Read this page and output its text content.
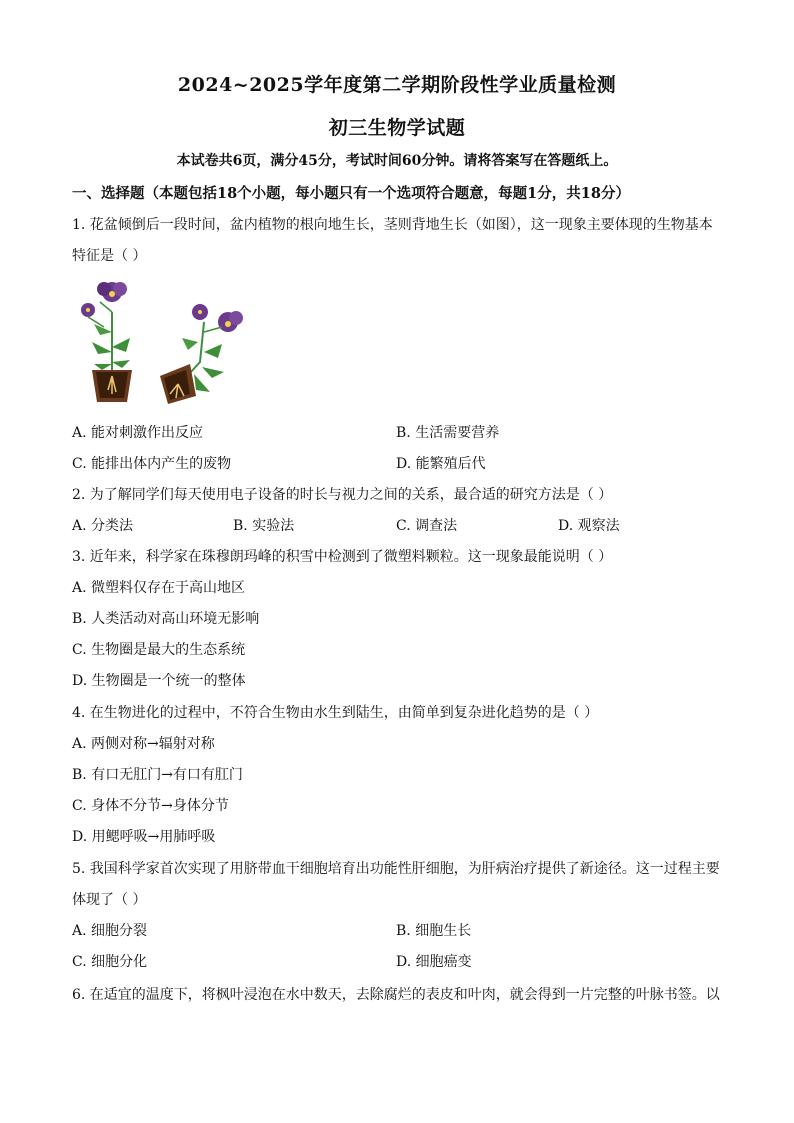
2024~2025学年度第二学期阶段性学业质量检测
初三生物学试题
本试卷共6页，满分45分，考试时间60分钟。请将答案写在答题纸上。
一、选择题（本题包括18个小题，每小题只有一个选项符合题意，每题1分，共18分）
1. 花盆倾倒后一段时间，盆内植物的根向地生长，茎则背地生长（如图），这一现象主要体现的生物基本
特征是（ ）
A. 能对刺激作出反应	B. 生活需要营养
C. 能排出体内产生的废物	D. 能繁殖后代
2. 为了解同学们每天使用电子设备的时长与视力之间的关系，最合适的研究方法是（ ）
A. 分类法	B. 实验法	C. 调查法	D. 观察法
3. 近年来，科学家在珠穆朗玛峰的积雪中检测到了微塑料颗粒。这一现象最能说明（ ）
A. 微塑料仅存在于高山地区
B. 人类活动对高山环境无影响
C. 生物圈是最大的生态系统
D. 生物圈是一个统一的整体
4. 在生物进化的过程中，不符合生物由水生到陆生，由简单到复杂进化趋势的是（ ）
A. 两侧对称→辐射对称
B. 有口无肛门→有口有肛门
C. 身体不分节→身体分节
D. 用鳃呼吸→用肺呼吸
5. 我国科学家首次实现了用脐带血干细胞培育出功能性肝细胞，为肝病治疗提供了新途径。这一过程主要
体现了（ ）
A. 细胞分裂	B. 细胞生长
C. 细胞分化	D. 细胞癌变
6. 在适宜的温度下，将枫叶浸泡在水中数天，去除腐烂的表皮和叶肉，就会得到一片完整的叶脉书签。以
